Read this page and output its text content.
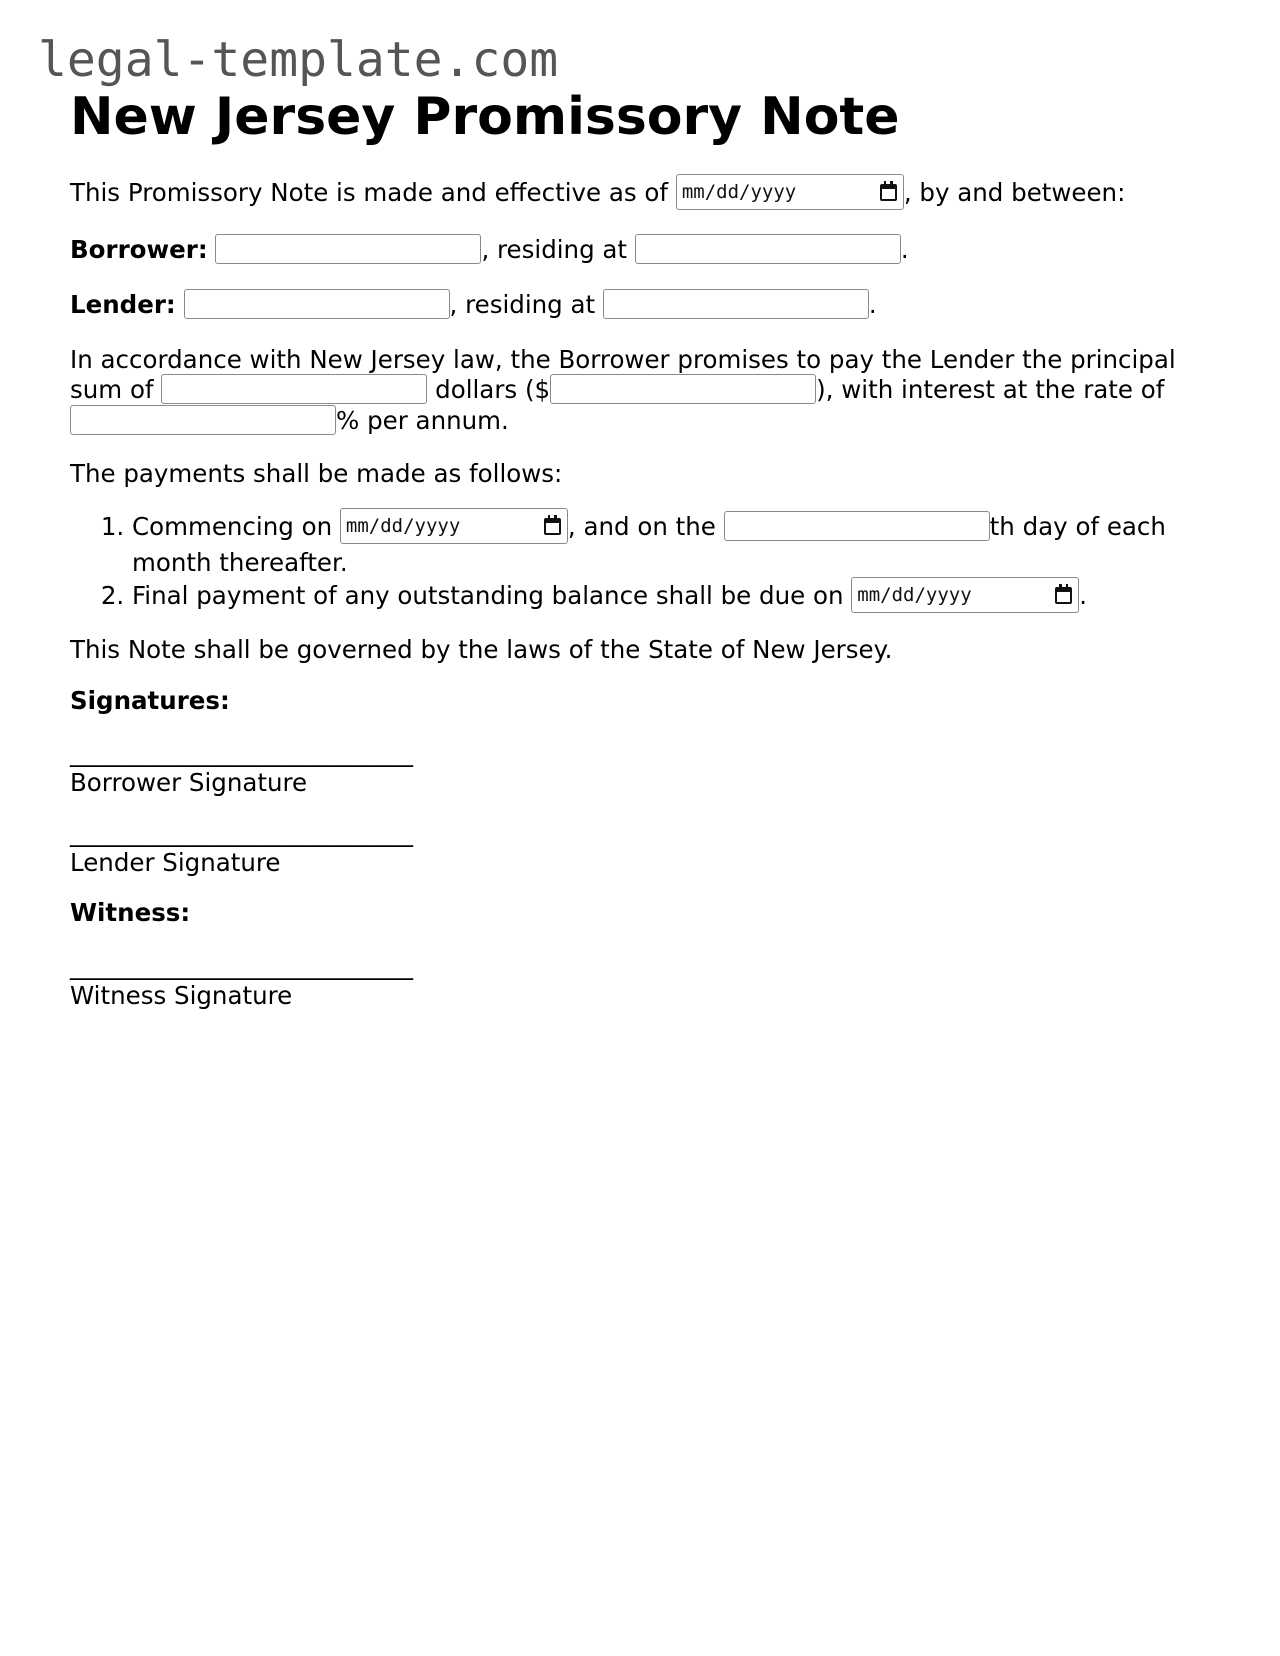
legal-template.com
New Jersey Promissory Note

This Promissory Note is made and effective as of mm/dd/yyyy	, by and between:

Borrower:	, residing at	.

Lender:	, residing at	.

In accordance with New Jersey law, the Borrower promises to pay the Lender the principal sum of	dollars ($	), with interest at the rate of % per annum.

The payments shall be made as follows:

1. Commencing on mm/dd/yyyy	, and on the	th day of each month thereafter.
2. Final payment of any outstanding balance shall be due on mm/dd/yyyy	.

This Note shall be governed by the laws of the State of New Jersey.

Signatures:

____________________________
Borrower Signature
____________________________
Lender Signature

Witness:

____________________________
Witness Signature
